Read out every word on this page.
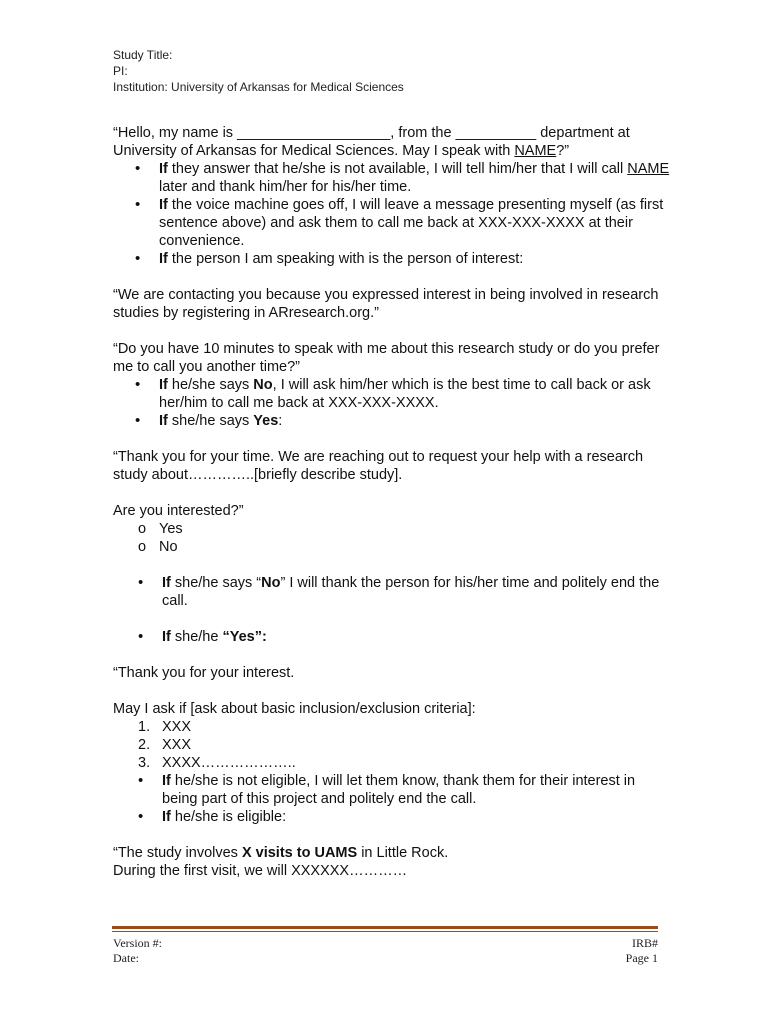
Study Title:
PI:
Institution: University of Arkansas for Medical Sciences
“Hello, my name is ___________________, from the __________ department at University of Arkansas for Medical Sciences. May I speak with NAME?”
• If they answer that he/she is not available, I will tell him/her that I will call NAME later and thank him/her for his/her time.
• If the voice machine goes off, I will leave a message presenting myself (as first sentence above) and ask them to call me back at XXX-XXX-XXXX at their convenience.
• If the person I am speaking with is the person of interest:
“We are contacting you because you expressed interest in being involved in research studies by registering in ARresearch.org.”
“Do you have 10 minutes to speak with me about this research study or do you prefer me to call you another time?”
• If he/she says No, I will ask him/her which is the best time to call back or ask her/him to call me back at XXX-XXX-XXXX.
• If she/he says Yes:
“Thank you for your time. We are reaching out to request your help with a research study about…………..[briefly describe study].
Are you interested?”
o Yes
o No
• If she/he says “No” I will thank the person for his/her time and politely end the call.
• If she/he “Yes”:
“Thank you for your interest.
May I ask if [ask about basic inclusion/exclusion criteria]:
1. XXX
2. XXX
3. XXXX………………..
• If he/she is not eligible, I will let them know, thank them for their interest in being part of this project and politely end the call.
• If he/she is eligible:
“The study involves X visits to UAMS in Little Rock.
During the first visit, we will XXXXXX…………
Version #:
Date:
IRB#
Page 1
